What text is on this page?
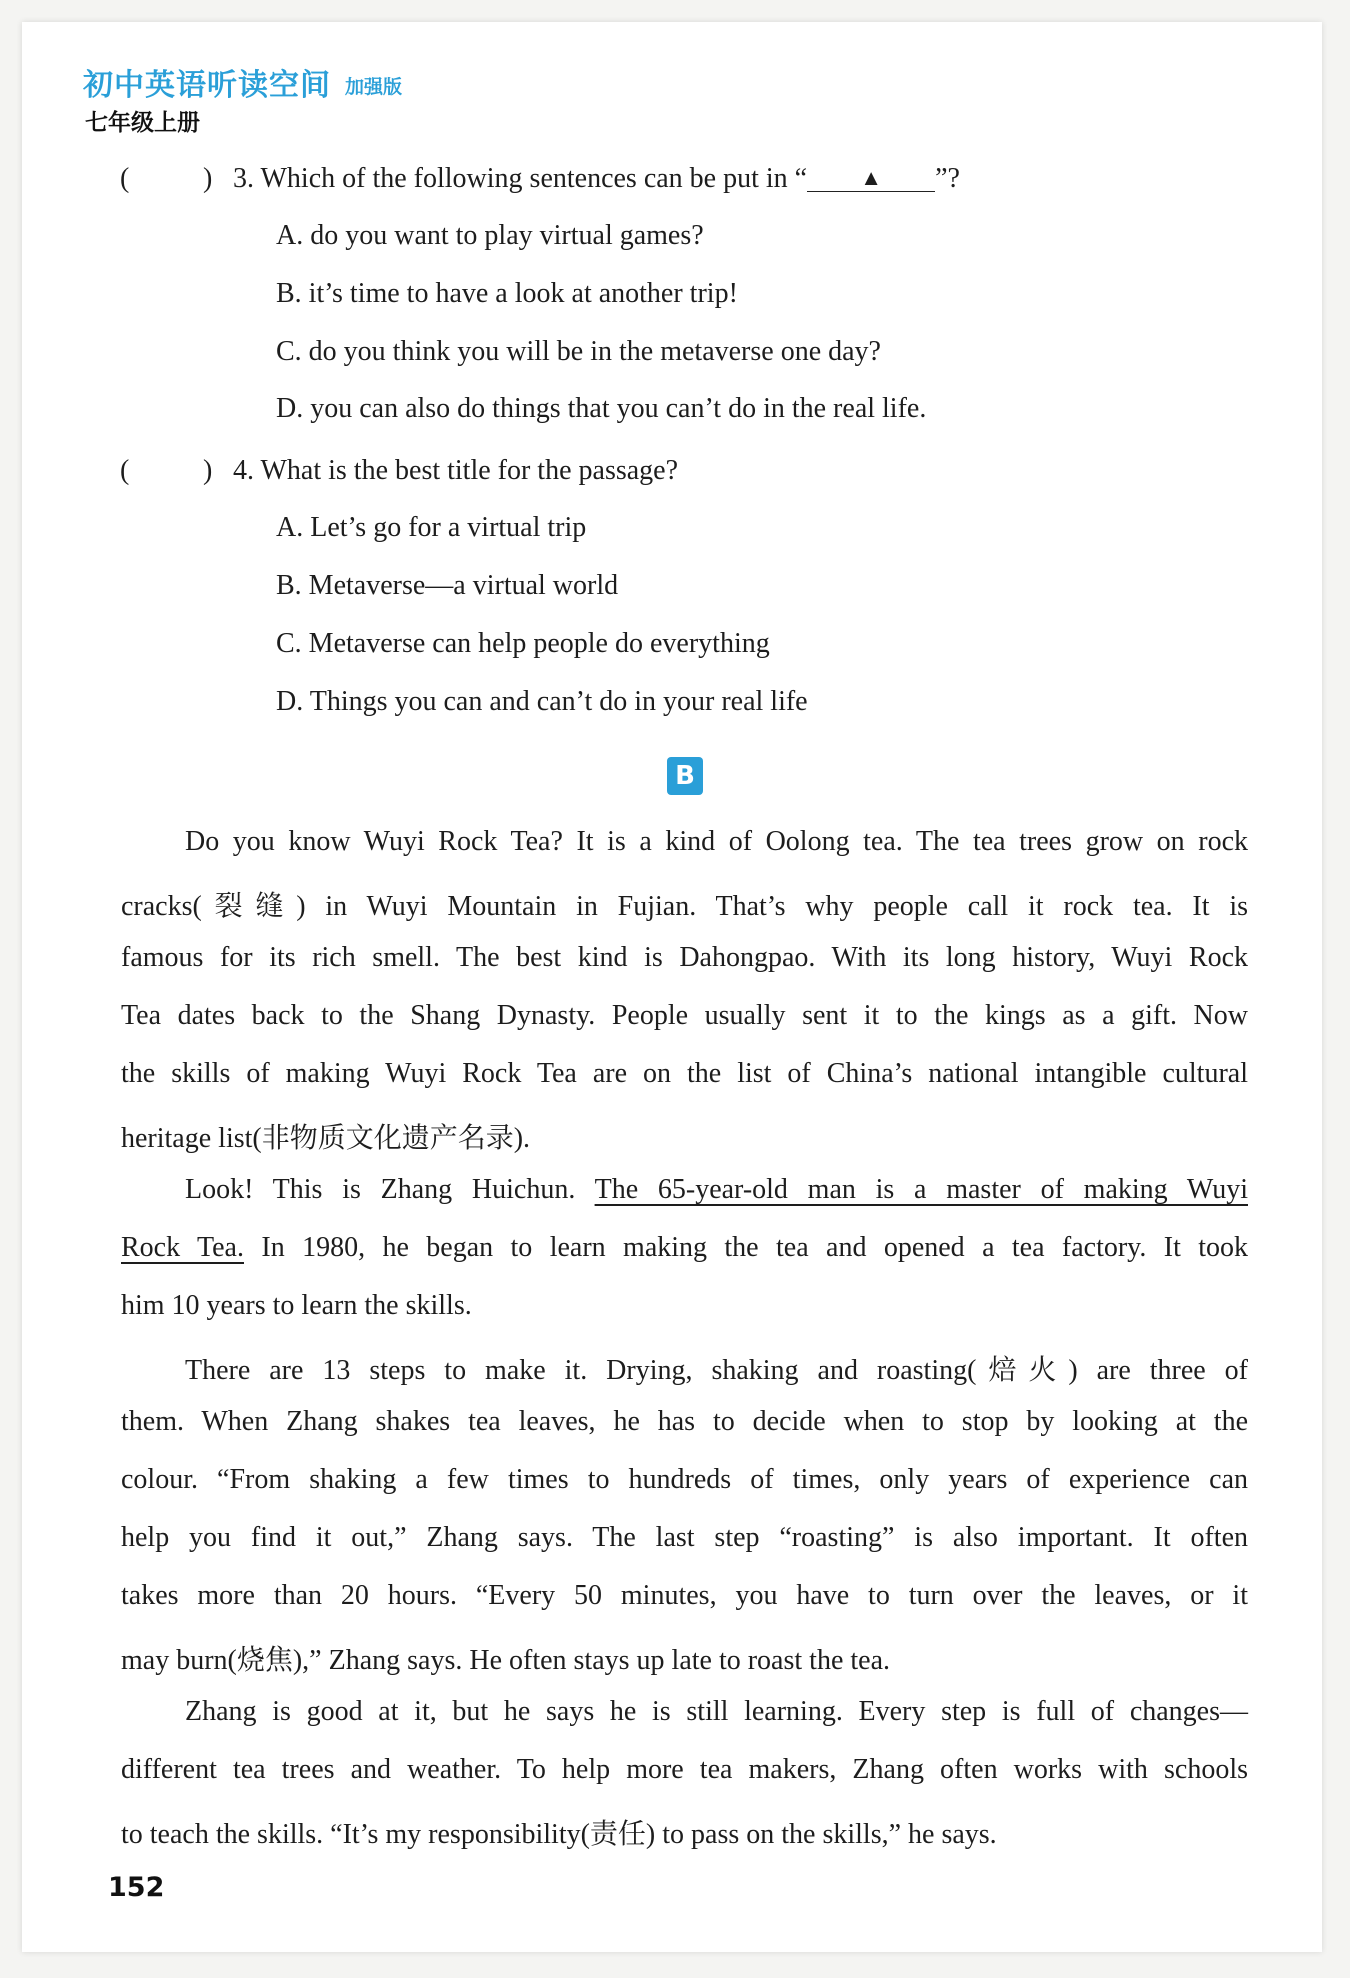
初中英语听读空间 加强版
七年级上册
(	) 3. Which of the following sentences can be put in “ ▲ ”?
A. do you want to play virtual games?
B. it’s time to have a look at another trip!
C. do you think you will be in the metaverse one day?
D. you can also do things that you can’t do in the real life.
(	) 4. What is the best title for the passage?
A. Let’s go for a virtual trip
B. Metaverse—a virtual world
C. Metaverse can help people do everything
D. Things you can and can’t do in your real life
B
Do you know Wuyi Rock Tea? It is a kind of Oolong tea. The tea trees grow on rock
cracks(裂缝) in Wuyi Mountain in Fujian. That’s why people call it rock tea. It is
famous for its rich smell. The best kind is Dahongpao. With its long history, Wuyi Rock
Tea dates back to the Shang Dynasty. People usually sent it to the kings as a gift. Now
the skills of making Wuyi Rock Tea are on the list of China’s national intangible cultural
heritage list(非物质文化遗产名录).
Look! This is Zhang Huichun. The 65-year-old man is a master of making Wuyi
Rock Tea. In 1980, he began to learn making the tea and opened a tea factory. It took
him 10 years to learn the skills.
There are 13 steps to make it. Drying, shaking and roasting(焙火) are three of
them. When Zhang shakes tea leaves, he has to decide when to stop by looking at the
colour. “From shaking a few times to hundreds of times, only years of experience can
help you find it out,” Zhang says. The last step “roasting” is also important. It often
takes more than 20 hours. “Every 50 minutes, you have to turn over the leaves, or it
may burn(烧焦),” Zhang says. He often stays up late to roast the tea.
Zhang is good at it, but he says he is still learning. Every step is full of changes—
different tea trees and weather. To help more tea makers, Zhang often works with schools
to teach the skills. “It’s my responsibility(责任) to pass on the skills,” he says.
152
